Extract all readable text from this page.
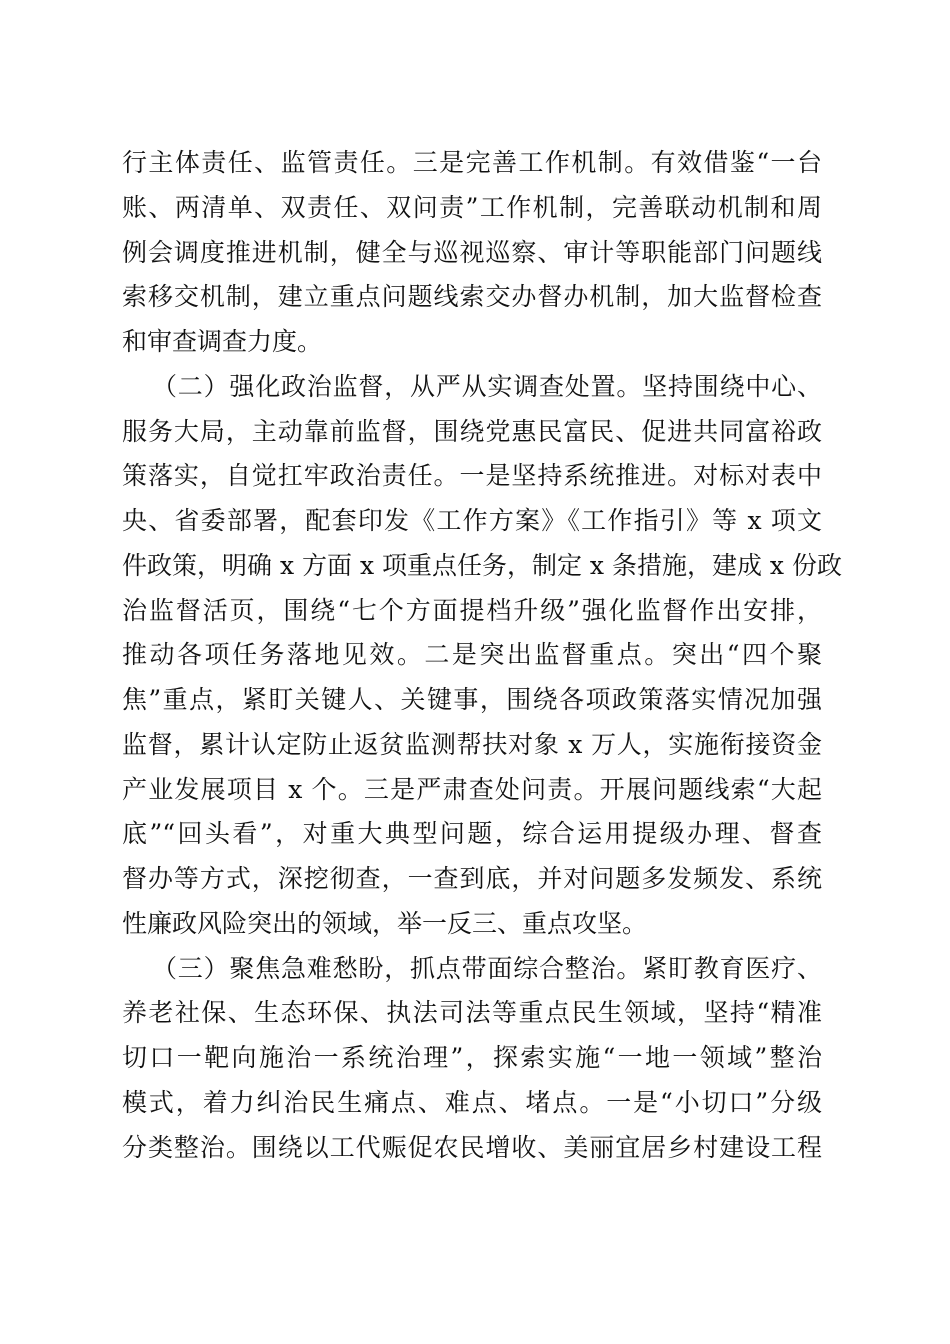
行主体责任、监管责任。三是完善工作机制。有效借鉴“一台
账、两清单、双责任、双问责”工作机制，完善联动机制和周
例会调度推进机制，健全与巡视巡察、审计等职能部门问题线
索移交机制，建立重点问题线索交办督办机制，加大监督检查
和审查调查力度。
（二）强化政治监督，从严从实调查处置。坚持围绕中心、
服务大局，主动靠前监督，围绕党惠民富民、促进共同富裕政
策落实，自觉扛牢政治责任。一是坚持系统推进。对标对表中
央、省委部署，配套印发《工作方案》《工作指引》等 x 项文
件政策，明确 x 方面 x 项重点任务，制定 x 条措施，建成 x 份政
治监督活页，围绕“七个方面提档升级”强化监督作出安排，
推动各项任务落地见效。二是突出监督重点。突出“四个聚
焦”重点，紧盯关键人、关键事，围绕各项政策落实情况加强
监督，累计认定防止返贫监测帮扶对象 x 万人，实施衔接资金
产业发展项目 x 个。三是严肃查处问责。开展问题线索“大起
底”“回头看”，对重大典型问题，综合运用提级办理、督查
督办等方式，深挖彻查，一查到底，并对问题多发频发、系统
性廉政风险突出的领域，举一反三、重点攻坚。
（三）聚焦急难愁盼，抓点带面综合整治。紧盯教育医疗、
养老社保、生态环保、执法司法等重点民生领域，坚持“精准
切口一靶向施治一系统治理”，探索实施“一地一领域”整治
模式，着力纠治民生痛点、难点、堵点。一是“小切口”分级
分类整治。围绕以工代赈促农民增收、美丽宜居乡村建设工程
